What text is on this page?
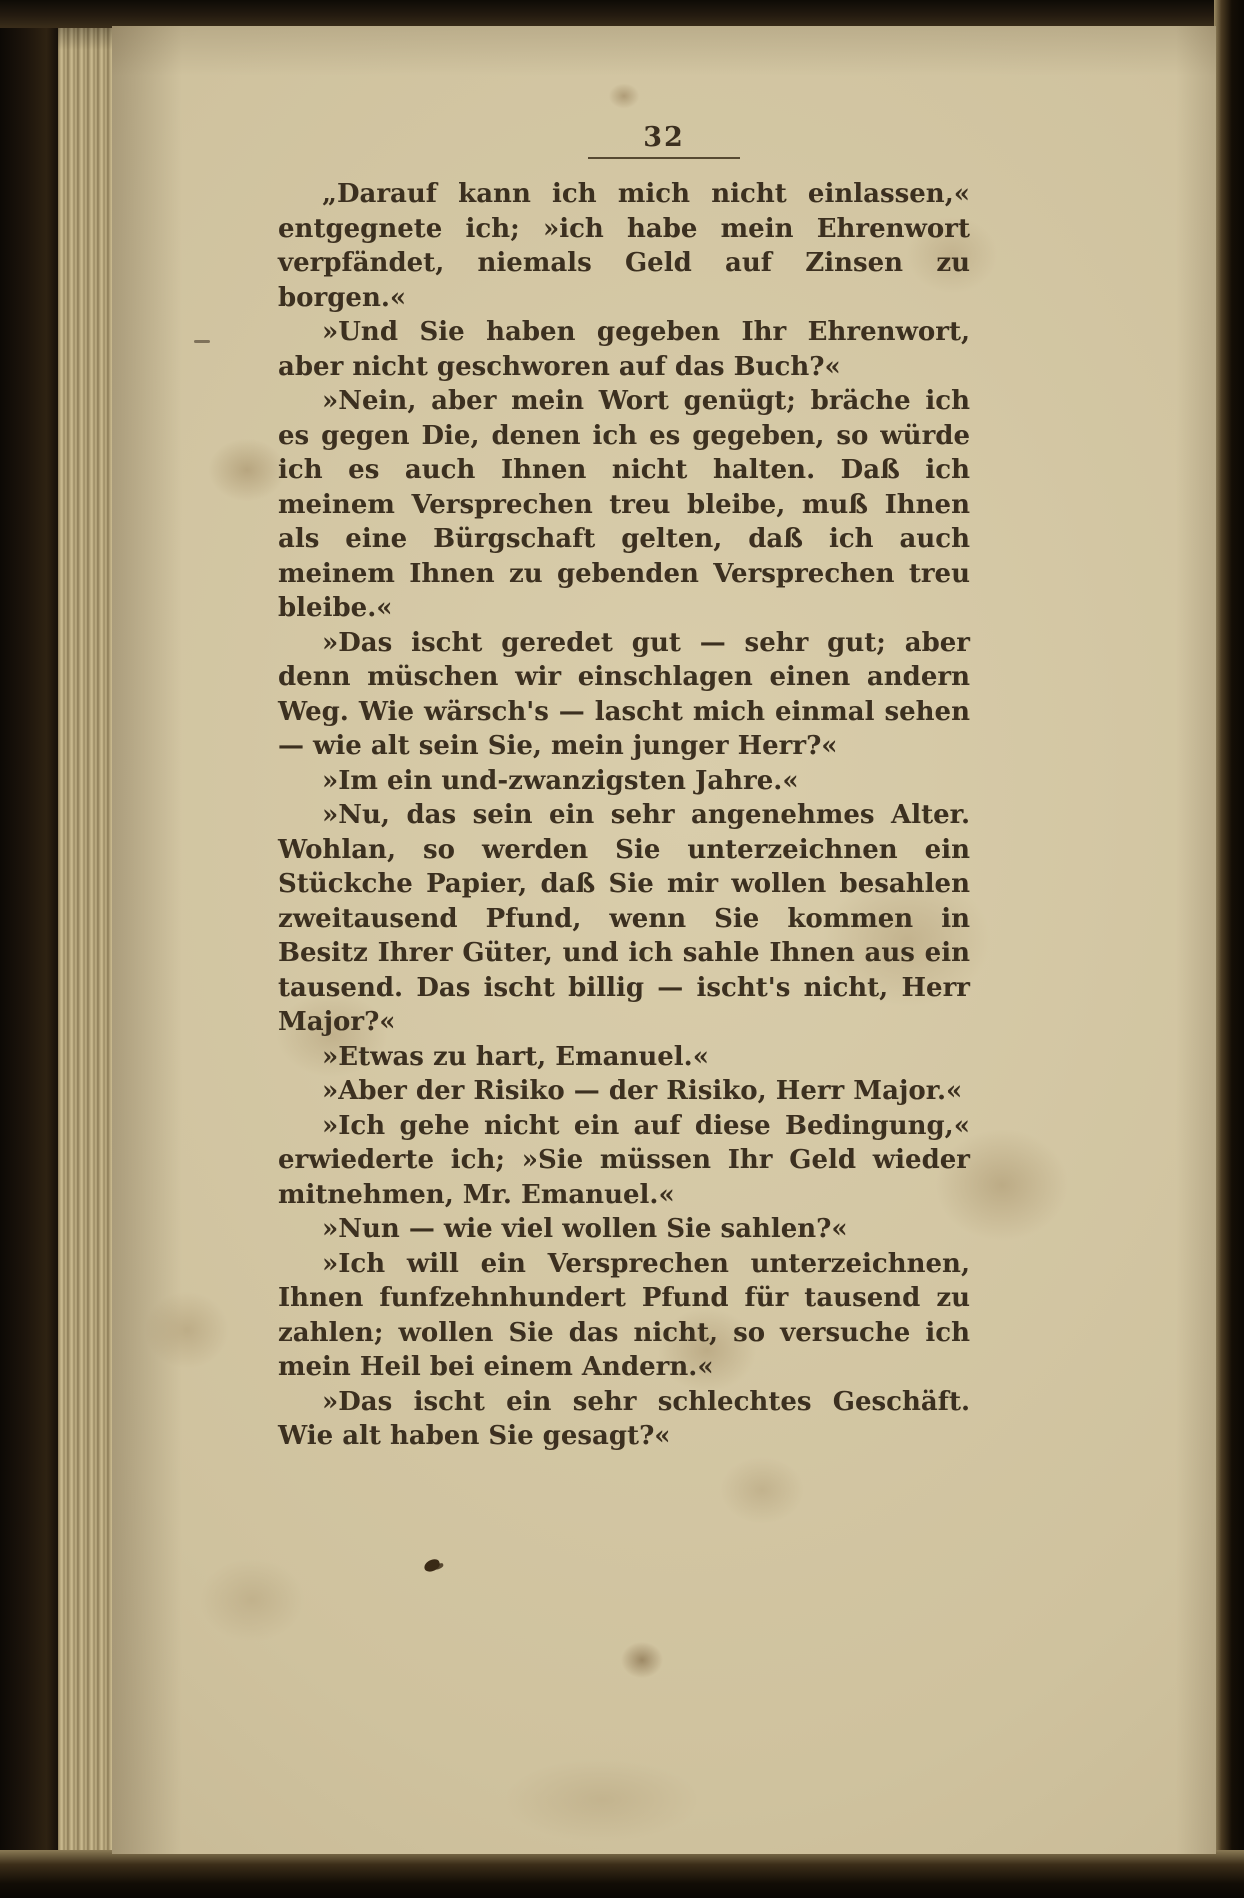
32

„Darauf kann ich mich nicht einlassen,« entgegnete ich; »ich habe mein Ehrenwort verpfändet, niemals Geld auf Zinsen zu borgen.«

»Und Sie haben gegeben Ihr Ehrenwort, aber nicht geschworen auf das Buch?«

»Nein, aber mein Wort genügt; bräche ich es gegen Die, denen ich es gegeben, so würde ich es auch Ihnen nicht halten. Daß ich meinem Versprechen treu bleibe, muß Ihnen als eine Bürgschaft gelten, daß ich auch meinem Ihnen zu gebenden Versprechen treu bleibe.«

»Das ischt geredet gut — sehr gut; aber denn müschen wir einschlagen einen andern Weg. Wie wärsch's — lascht mich einmal sehen — wie alt sein Sie, mein junger Herr?«

»Im ein und-zwanzigsten Jahre.«

»Nu, das sein ein sehr angenehmes Alter. Wohlan, so werden Sie unterzeichnen ein Stückche Papier, daß Sie mir wollen besahlen zweitausend Pfund, wenn Sie kommen in Besitz Ihrer Güter, und ich sahle Ihnen aus ein tausend. Das ischt billig — ischt's nicht, Herr Major?«

»Etwas zu hart, Emanuel.«

»Aber der Risiko — der Risiko, Herr Major.«

»Ich gehe nicht ein auf diese Bedingung,« erwiederte ich; »Sie müssen Ihr Geld wieder mitnehmen, Mr. Emanuel.«

»Nun — wie viel wollen Sie sahlen?«

»Ich will ein Versprechen unterzeichnen, Ihnen funfzehnhundert Pfund für tausend zu zahlen; wollen Sie das nicht, so versuche ich mein Heil bei einem Andern.«

»Das ischt ein sehr schlechtes Geschäft. Wie alt haben Sie gesagt?«
